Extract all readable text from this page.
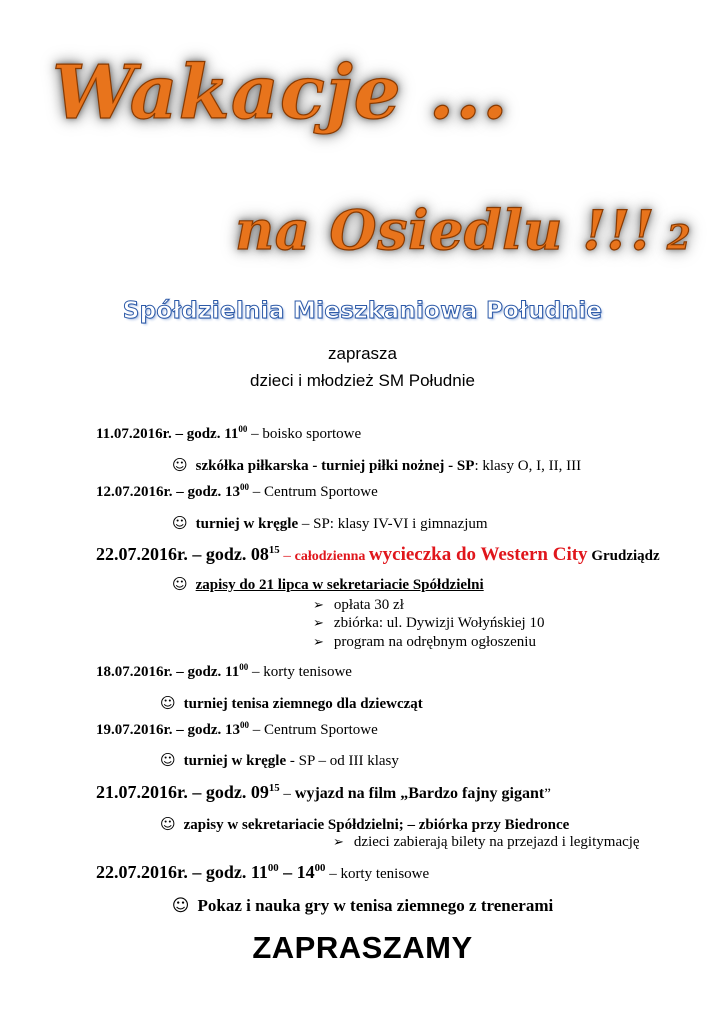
Wakacje ...
na Osiedlu !!! 2
Spółdzielnia Mieszkaniowa Południe
zaprasza
dzieci i młodzież SM Południe
11.07.2016r. – godz. $11^{00}$ – boisko sportowe
☺ szkółka piłkarska - turniej piłki nożnej - SP: klasy O, I, II, III
12.07.2016r. – godz. $13^{00}$ – Centrum Sportowe
☺ turniej w kręgle – SP: klasy IV-VI i gimnazjum
22.07.2016r. – godz. $08^{15}$ – całodzienna wycieczka do Western City Grudziądz
☺ zapisy do 21 lipca w sekretariacie Spółdzielni
➢ opłata 30 zł
➢ zbiórka: ul. Dywizji Wołyńskiej 10
➢ program na odrębnym ogłoszeniu
18.07.2016r. – godz. $11^{00}$ – korty tenisowe
☺ turniej tenisa ziemnego dla dziewcząt
19.07.2016r. – godz. $13^{00}$ – Centrum Sportowe
☺ turniej w kręgle - SP – od III klasy
21.07.2016r. – godz. $09^{15}$ – wyjazd na film „Bardzo fajny gigant”
☺ zapisy w sekretariacie Spółdzielni; – zbiórka przy Biedronce
➢ dzieci zabierają bilety na przejazd i legitymację
22.07.2016r. – godz. $11^{00} - 14^{00}$ – korty tenisowe
☺ Pokaz i nauka gry w tenisa ziemnego z trenerami
ZAPRASZAMY
